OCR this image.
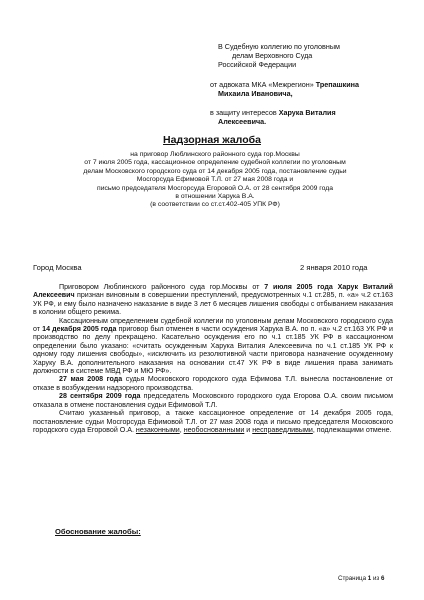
В Судебную коллегию по уголовным

делам Верховного Суда

Российской Федерации

от адвоката МКА «Межрегион» Трепашкина

Михаила Ивановича,

в защиту интересов Харука Виталия

Алексеевича.

Надзорная жалоба

на приговор Люблинского районного суда гор.Москвы

от 7 июля 2005 года, кассационное определение судебной коллегии по уголовным

делам Московского городского суда от 14 декабря 2005 года, постановление судьи

Мосгорсуда Ефимовой Т.Л. от 27 мая 2008 года и

письмо председателя Мосгорсуда Егоровой О.А. от 28 сентября 2009 года

в отношении Харука В.А.

(в соответствии со ст.ст.402-405 УПК РФ)

Город Москва	2 января 2010 года

Приговором Люблинского районного суда гор.Москвы от 7 июля 2005 года Харук Виталий Алексеевич признан виновным в совершении преступлений, предусмотренных ч.1 ст.285, п. «а» ч.2 ст.163 УК РФ, и ему было назначено наказание в виде 3 лет 6 месяцев лишения свободы с отбыванием наказания в колонии общего режима.

Кассационным определением судебной коллегии по уголовным делам Московского городского суда от 14 декабря 2005 года приговор был отменен в части осуждения Харука В.А. по п. «а» ч.2 ст.163 УК РФ и производство по делу прекращено. Касательно осуждения его по ч.1 ст.185 УК РФ в кассационном определении было указано: «считать осужденным Харука Виталия Алексеевича по ч.1 ст.185 УК РФ к одному году лишения свободы», «исключить из резолютивной части приговора назначение осужденному Харуку В.А. дополнительного наказания на основании ст.47 УК РФ в виде лишения права занимать должности в системе МВД РФ и МЮ РФ».

27 мая 2008 года судья Московского городского суда Ефимова Т.Л. вынесла постановление от отказе в возбуждении надзорного производства.

28 сентября 2009 года председатель Московского городского суда Егорова О.А. своим письмом отказала в отмене постановления судьи Ефимовой Т.Л.

Считаю указанный приговор, а также кассационное определение от 14 декабря 2005 года, постановление судьи Мосгорсуда Ефимовой Т.Л. от 27 мая 2008 года и письмо председателя Московского городского суда Егоровой О.А. незаконными, необоснованными и несправедливыми, подлежащими отмене.

Обоснование жалобы:
Страница 1 из 6
